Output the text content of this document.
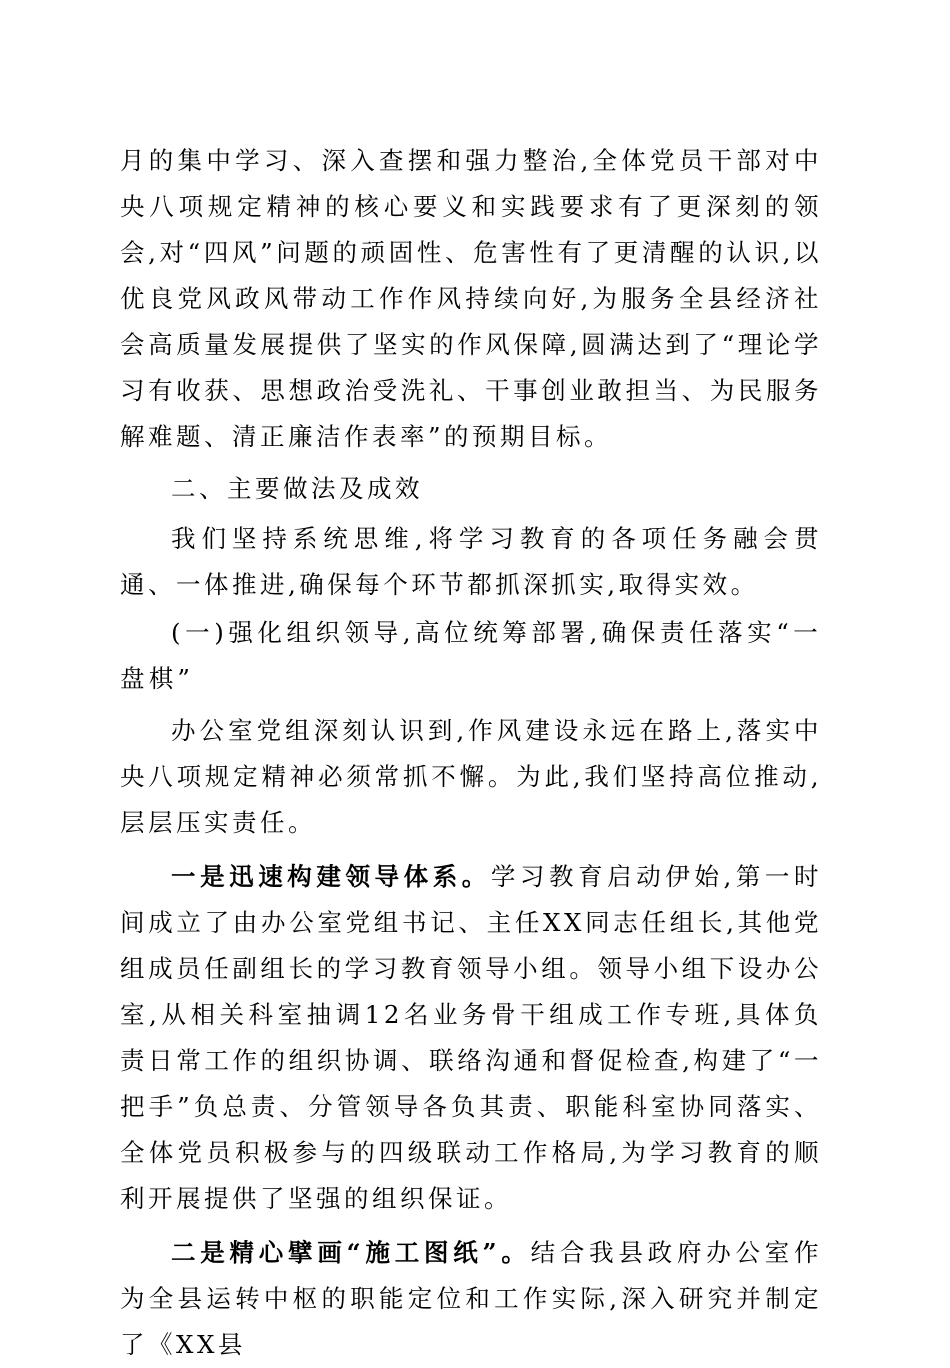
月的集中学习、深入查摆和强力整治,全体党员干部对中央八项规定精神的核心要义和实践要求有了更深刻的领会,对“四风”问题的顽固性、危害性有了更清醒的认识,以优良党风政风带动工作作风持续向好,为服务全县经济社会高质量发展提供了坚实的作风保障,圆满达到了“理论学习有收获、思想政治受洗礼、干事创业敢担当、为民服务解难题、清正廉洁作表率”的预期目标。

二、主要做法及成效

我们坚持系统思维,将学习教育的各项任务融会贯通、一体推进,确保每个环节都抓深抓实,取得实效。

(一)强化组织领导,高位统筹部署,确保责任落实“一盘棋”

办公室党组深刻认识到,作风建设永远在路上,落实中央八项规定精神必须常抓不懈。为此,我们坚持高位推动,层层压实责任。

一是迅速构建领导体系。学习教育启动伊始,第一时间成立了由办公室党组书记、主任XX同志任组长,其他党组成员任副组长的学习教育领导小组。领导小组下设办公室,从相关科室抽调12名业务骨干组成工作专班,具体负责日常工作的组织协调、联络沟通和督促检查,构建了“一把手”负总责、分管领导各负其责、职能科室协同落实、全体党员积极参与的四级联动工作格局,为学习教育的顺利开展提供了坚强的组织保证。

二是精心擘画“施工图纸”。结合我县政府办公室作为全县运转中枢的职能定位和工作实际,深入研究并制定了《XX县
